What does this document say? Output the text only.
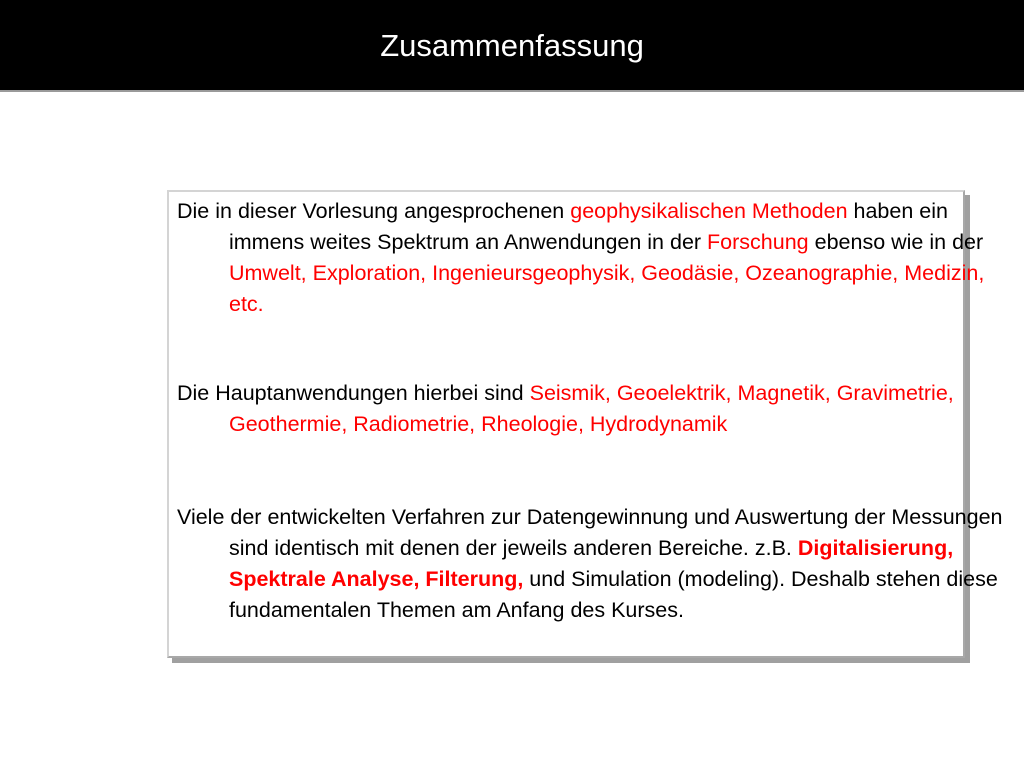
Zusammenfassung

Die in dieser Vorlesung angesprochenen geophysikalischen Methoden haben ein immens weites Spektrum an Anwendungen in der Forschung ebenso wie in der Umwelt, Exploration, Ingenieursgeophysik, Geodäsie, Ozeanographie, Medizin, etc.

Die Hauptanwendungen hierbei sind Seismik, Geoelektrik, Magnetik, Gravimetrie, Geothermie, Radiometrie, Rheologie, Hydrodynamik

Viele der entwickelten Verfahren zur Datengewinnung und Auswertung der Messungen sind identisch mit denen der jeweils anderen Bereiche. z.B. Digitalisierung, Spektrale Analyse, Filterung, und Simulation (modeling). Deshalb stehen diese fundamentalen Themen am Anfang des Kurses.
